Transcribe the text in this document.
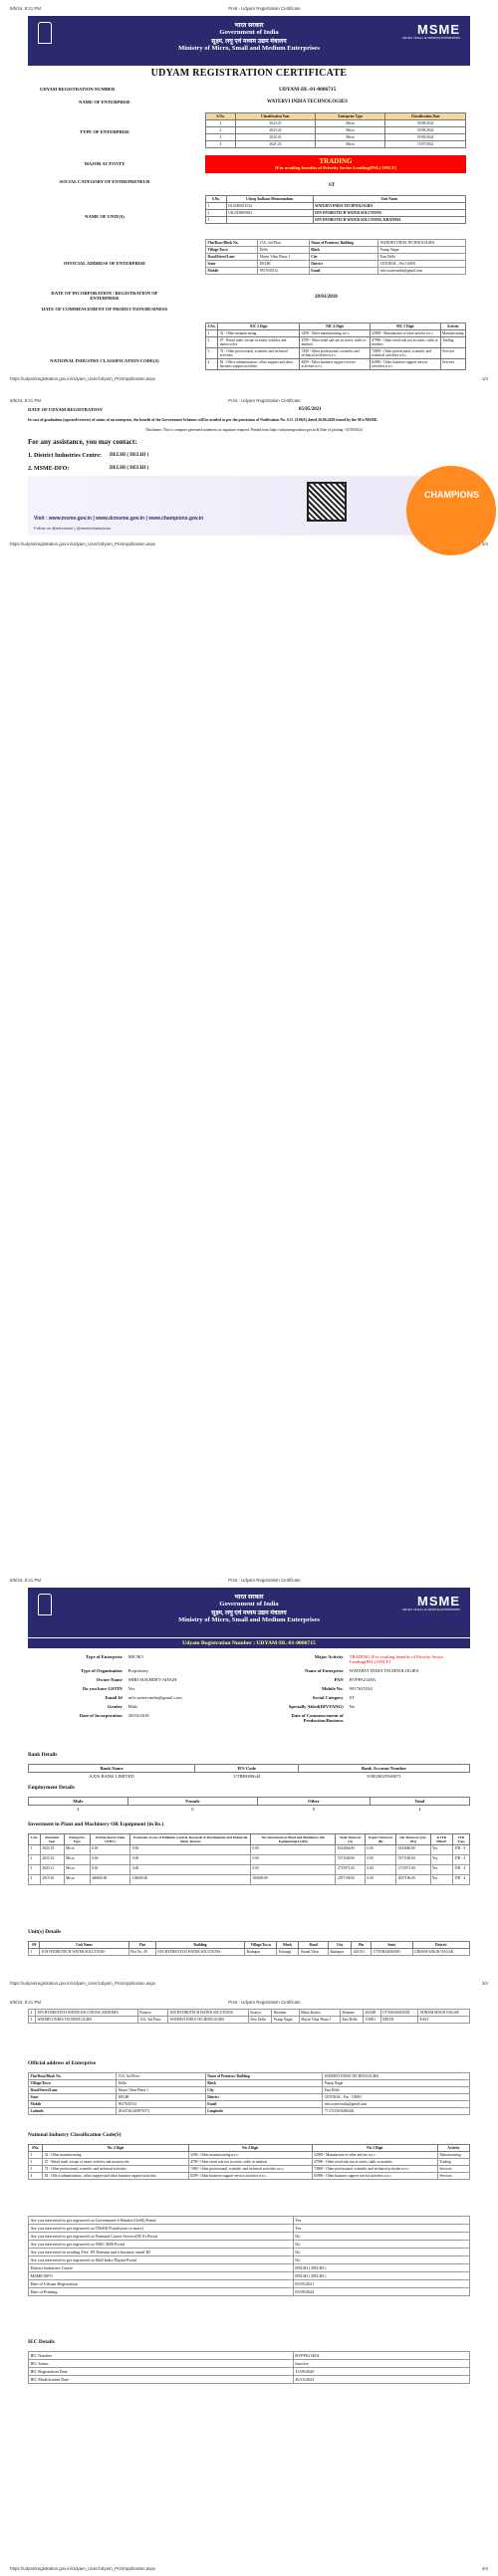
9/5/24, 8:21 PM	Print - Udyam Registration Certificate
भारत सरकार
Government of India
सूक्ष्म, लघु एवं मध्यम उद्यम मंत्रालय
Ministry of Micro, Small and Medium Enterprises
MSME
MICRO, SMALL & MEDIUM ENTERPRISES
UDYAM REGISTRATION CERTIFICATE
UDYAM REGISTRATION NUMBER	UDYAM-DL-01-0006715
NAME OF ENTERPRISE	WATERVI INDIA TECHNOLOGIES
TYPE OF ENTERPRISE
S.No.	Classification Year	Enterprise Type	Classification Date
1	2024-25	Micro	05/09/2024
2	2023-24	Micro	05/09/2024
3	2022-23	Micro	05/09/2024
4	2021-22	Micro	15/07/2021
MAJOR ACTIVITY	TRADING
[For availing benefits of Priority Sector Lending(PSL) ONLY]
SOCIAL CATEGORY OF ENTREPRENEUR
ST
NAME OF UNIT(S)
S.No.	Udyog Aadhaar Memorandum	Unit Name
1	DL04D0012534	WATERVI INDIA TECHNOLOGIES
2	UK12D0009822	ION HYDROTECH WATER SOLUTIONS
3		ION HYDROTECH WATER SOLUTIONS, KHATIMA
OFFICIAL ADDRESS OF ENTERPRISE
Flat/Door/Block No.	15A, 3rd Floor	Name of Premises/ Building	WATERVI INDIA TECHNOLOGIES
Village/Town	Delhi	Block	Pratap Nagar
Road/Street/Lane	Mayur Vihar Phase 1	City	East Delhi
State	DELHI	District	CENTRAL , Pin 110091
Mobile	9917635534	Email	info.watervindia@gmail.com
DATE OF INCORPORATION / REGISTRATION OF ENTERPRISE	20/03/2018
DATE OF COMMENCEMENT OF PRODUCTION/BUSINESS
NATIONAL INDUSTRY CLASSIFICATION CODE(S)
S.No.	NIC 2 Digit	NIC 4 Digit	NIC 5 Digit	Activity
1	32 - Other manufacturing	3290 - Other manufacturing n.e.c.	32909 - Manufacture of other articles n.e.c.	Manufacturing
2	47 - Retail trade, except of motor vehicles and motorcycles	4799 - Other retail sale not in stores, stalls or markets	47990 - Other retail sale not in stores, stalls or markets	Trading
3	74 - Other professional, scientific and technical activities	7490 - Other professional, scientific and technical activities n.e.c.	74909 - Other professional, scientific and technical activities n.e.c.	Services
4	82 - Office administrative, office support and other business support activities	8299 - Other business support service activities n.e.c.	82990 - Other business support service activities n.e.c.	Services
https://udyamregistration.gov.in/Udyam_User/Udyam_PrintApplication.aspx	1/4
9/5/24, 8:21 PM	Print - Udyam Registration Certificate
DATE OF UDYAM REGISTRATION	05/05/2021
In case of graduation (upward/reverse) of status of an enterprise, the benefit of the Government Schemes will be availed as per the provisions of Notification No. S.O. 2119(E) dated 26.06.2020 issued by the M/o MSME.
Disclaimer: This is computer generated statement, no signature required. Printed from https://udyamregistration.gov.in & Date of printing - 05/09/2024
For any assistance, you may contact:
1. District Industries Centre: DELHI ( DELHI )
2. MSME-DFO:	DELHI ( DELHI )
Visit : www.msme.gov.in | www.dcmsme.gov.in | www.champions.gov.in
Follow us @minmsme | @msmechampions
CHAMPIONS
https://udyamregistration.gov.in/Udyam_User/Udyam_PrintApplication.aspx	2/4
9/5/24, 8:21 PM	Print - Udyam Registration Certificate
भारत सरकार
Government of India
सूक्ष्म, लघु एवं मध्यम उद्यम मंत्रालय
Ministry of Micro, Small and Medium Enterprises
MSME
MICRO, SMALL & MEDIUM ENTERPRISES
Udyam Registration Number : UDYAM-DL-01-0006715
Type of Enterprise	MICRO	Major Activity	TRADING [For availing benefits of Priority Sector Lending(PSL) ONLY]
Type of Organisation	Proprietary	Name of Enterprise	WATERVI INDIA TECHNOLOGIES
Owner Name	SHRI SUKHDEV SINGH	PAN	BVPPS2148A
Do you have GSTIN	Yes	Mobile No.	9917635534
Email Id	info.watervindia@gmail.com	Social Category	ST
Gender	Male	Specially Abled(DIVYANG)	No
Date of Incorporation	20/03/2018	Date of Commencement of Production/Business	
Bank Details
Bank Name	IFS Code	Bank Account Number
AXIS BANK LIMITED	UTIB0000644	918020025940071
Employment Details
Male	Female	Other	Total
4	0	0	4
Investment in Plant and Machinery OR Equipment (in Rs.)
S.No.	Financial Year	Enterprise Type	Written Down Value (WDV)	Exclusion of cost of Pollution Control, Research & Development and Industrial Safety Devices	Net Investment in Plant and Machinery OR Equipment[(A)-(B)]	Total Turnover (A)	Export Turnover (B)	Net Turnover [(A)-(B)]	Is ITR Filled?	ITR Type
1	2022-23	Micro	0.00	0.00	0.00	6144066.00	0.00	6144066.00	Yes	ITR - 4
2	2021-22	Micro	0.00	0.00	0.00	5371168.00	0.00	5371168.00	Yes	ITR - 4
3	2020-21	Micro	0.00	0.00	0.00	2715971.00	0.00	2715971.00	Yes	ITR - 4
4	2019-20	Micro	400000.00	100000.00	300000.00	2057196.00	0.00	2057196.00	Yes	ITR - 4
Unit(s) Details
SN	Unit Name	Flat	Building	Village/Town	Block	Road	City	Pin	State	District
1	ION HYDROTECH WATER SOLUTIONS	Plot No. 49	ION HYDROTECH WATER SOLUTIONS	Rudrapur	Fulsungi	Anand Vihar	Rudrapur	263153	UTTARAKHAND	UDHAM SINGH NAGAR
https://udyamregistration.gov.in/Udyam_User/Udyam_PrintApplication.aspx	3/4
9/5/24, 8:21 PM	Print - Udyam Registration Certificate
2	ION HYDROTECH WATER SOLUTIONS, KHATIMA	Punjsoa	ION HYDROTECH WATER SOLUTIONS	Sisaiya	Khatima	Bhera Kurkia	Khatima	262308	UTTARAKHAND	UDHAM SINGH NAGAR
3	WATERVI INDIA TECHNOLOGIES	15A, 3rd Floor	WATERVI INDIA TECHNOLOGIES	New Delhi	Pratap Nagar	Mayur Vihar Phase 1	East Delhi	110091	DELHI	EAST
Official address of Enterprise
Flat/Door/Block No.	15A, 3rd Floor	Name of Premises/ Building	WATERVI INDIA TECHNOLOGIES
Village/Town	Delhi	Block	Pratap Nagar
Road/Street/Lane	Mayur Vihar Phase 1	City	East Delhi
State	DELHI	District	CENTRAL , Pin : 110091
Mobile	9917635534	Email	info.watervindia@gmail.com
Latitude	28.627261449976573	Longitude	77.27215656180426
National Industry Classification Code(S)
SNo.	Nic 2 Digit	Nic 4 Digit	Nic 5 Digit	Activity
1	32 - Other manufacturing	3290 - Other manufacturing n.e.c.	32909 - Manufacture of other articles n.e.c.	Manufacturing
2	47 - Retail trade, except of motor vehicles and motorcycles	4799 - Other retail sale not in stores, stalls or markets	47990 - Other retail sale not in stores, stalls or markets	Trading
3	74 - Other professional, scientific and technical activities	7490 - Other professional, scientific and technical activities n.e.c.	74909 - Other professional, scientific and technical activities n.e.c.	Services
4	82 - Office administrative, office support and other business support activities	8299 - Other business support service activities n.e.c.	82990 - Other business support service activities n.e.c.	Services
Are you interested to get registered on Government e-Market (GeM) Portal	Yes
Are you interested to get registered on TReDS Portals(one or more)	Yes
Are you interested to get registered on National Career Service(NCS) Portal	No
Are you interested to get registered on NSIC B2B Portal	No
Are you interested in availing Free .IN Domain and a business email ID	No
Are you interested to get registered on Skill India Digital Portal	No
District Industries Centre	DELHI ( DELHI )
MSME-DFO	DELHI ( DELHI )
Date of Udyam Registration	05/05/2021
Date of Printing	05/09/2024
IEC Details
IEC Number	BVPPS2148A
IEC Status	Inactive
IEC Registration Date	15/09/2020
IEC Modification Date	26/10/2022
https://udyamregistration.gov.in/Udyam_User/Udyam_PrintApplication.aspx	4/4
